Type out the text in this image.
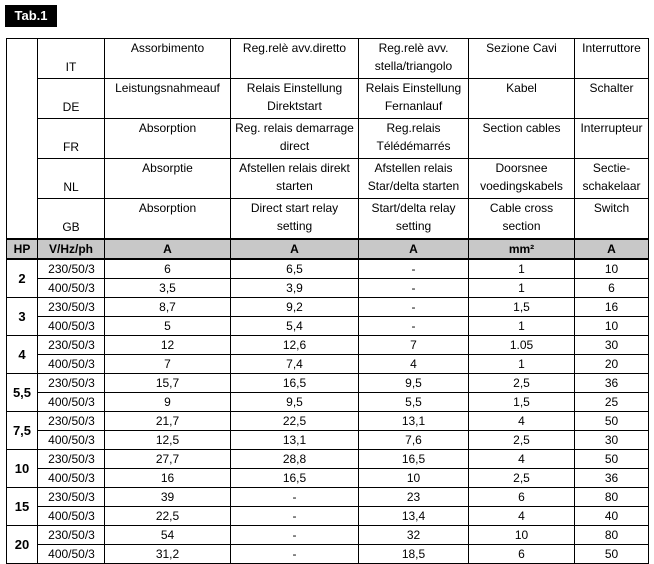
Tab.1
	IT	Assorbimento	Reg.relè avv.diretto	Reg.relè avv. stella/triangolo	Sezione Cavi	Interruttore
	DE	Leistungsnahmeauf	Relais Einstellung Direktstart	Relais Einstellung Fernanlauf	Kabel	Schalter
	FR	Absorption	Reg. relais demarrage direct	Reg.relais Télédémarrés	Section cables	Interrupteur
	NL	Absorptie	Afstellen relais direkt starten	Afstellen relais Star/delta starten	Doorsnee voedingskabels	Sectie-schakelaar
	GB	Absorption	Direct start relay setting	Start/delta relay setting	Cable cross section	Switch
HP	V/Hz/ph	A	A	A	mm²	A
2	230/50/3	6	6,5	-	1	10
	400/50/3	3,5	3,9	-	1	6
3	230/50/3	8,7	9,2	-	1,5	16
	400/50/3	5	5,4	-	1	10
4	230/50/3	12	12,6	7	1.05	30
	400/50/3	7	7,4	4	1	20
5,5	230/50/3	15,7	16,5	9,5	2,5	36
	400/50/3	9	9,5	5,5	1,5	25
7,5	230/50/3	21,7	22,5	13,1	4	50
	400/50/3	12,5	13,1	7,6	2,5	30
10	230/50/3	27,7	28,8	16,5	4	50
	400/50/3	16	16,5	10	2,5	36
15	230/50/3	39	-	23	6	80
	400/50/3	22,5	-	13,4	4	40
20	230/50/3	54	-	32	10	80
	400/50/3	31,2	-	18,5	6	50
